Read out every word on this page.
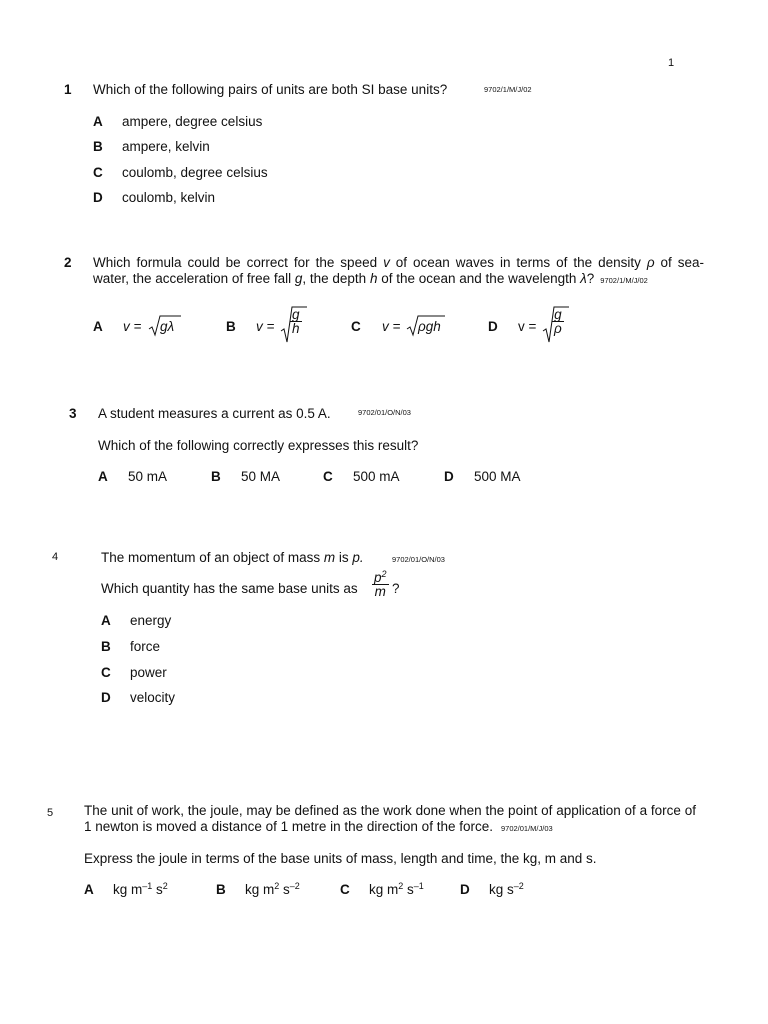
1
1 Which of the following pairs of units are both SI base units?	9702/1/M/J/02
A ampere, degree celsius
B ampere, kelvin
C coulomb, degree celsius
D coulomb, kelvin
2 Which formula could be correct for the speed v of ocean waves in terms of the density ρ of sea-
water, the acceleration of free fall g, the depth h of the ocean and the wavelength λ? 9702/1/M/J/02
A v = gλ	B $v = \frac{g}{h}$	C v = ρgh	D $v = \frac{g}{\rho}$
3 A student measures a current as 0.5 A.	9702/01/O/N/03
Which of the following correctly expresses this result?
A 50 mA	B 50 MA	C 500 mA	D 500 MA
4	The momentum of an object of mass m is p.	9702/01/O/N/03
Which quantity has the same base units as $\frac{p^2}{m}$ ?
A energy
B force
C power
D velocity
5 The unit of work, the joule, may be defined as the work done when the point of application of a force of 1 newton is moved a distance of 1 metre in the direction of the force. 9702/01/M/J/03
Express the joule in terms of the base units of mass, length and time, the kg, m and s.
A kg $m^{-1}$ $s^2$	B kg $m^2$ $s^{-2}$	C kg $m^2$ $s^{-1}$	D kg $s^{-2}$
